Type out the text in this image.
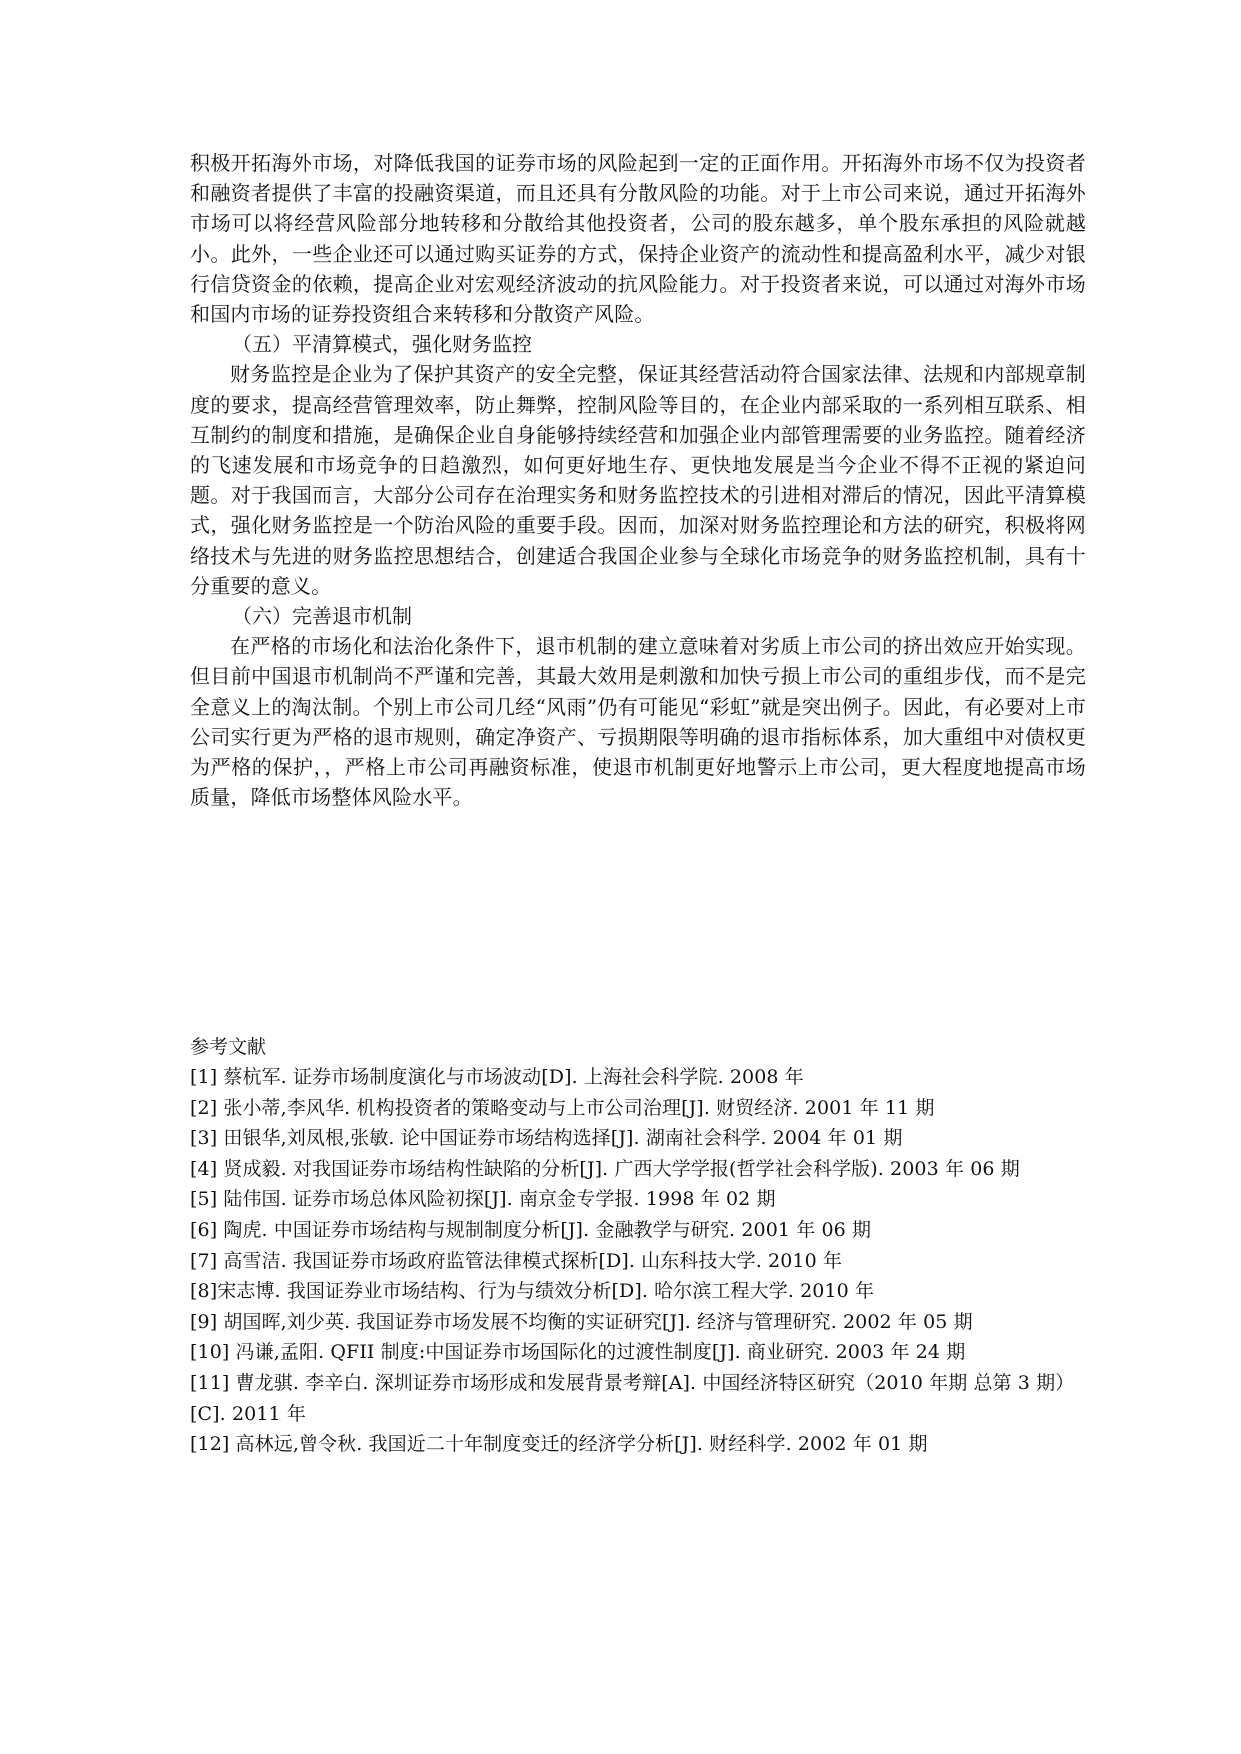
积极开拓海外市场，对降低我国的证券市场的风险起到一定的正面作用。开拓海外市场不仅为投资者和融资者提供了丰富的投融资渠道，而且还具有分散风险的功能。对于上市公司来说，通过开拓海外市场可以将经营风险部分地转移和分散给其他投资者，公司的股东越多，单个股东承担的风险就越小。此外，一些企业还可以通过购买证券的方式，保持企业资产的流动性和提高盈利水平，减少对银行信贷资金的依赖，提高企业对宏观经济波动的抗风险能力。对于投资者来说，可以通过对海外市场和国内市场的证券投资组合来转移和分散资产风险。

（五）平清算模式，强化财务监控

财务监控是企业为了保护其资产的安全完整，保证其经营活动符合国家法律、法规和内部规章制度的要求，提高经营管理效率，防止舞弊，控制风险等目的，在企业内部采取的一系列相互联系、相互制约的制度和措施，是确保企业自身能够持续经营和加强企业内部管理需要的业务监控。随着经济的飞速发展和市场竞争的日趋激烈，如何更好地生存、更快地发展是当今企业不得不正视的紧迫问题。对于我国而言，大部分公司存在治理实务和财务监控技术的引进相对滞后的情况，因此平清算模式，强化财务监控是一个防治风险的重要手段。因而，加深对财务监控理论和方法的研究，积极将网络技术与先进的财务监控思想结合，创建适合我国企业参与全球化市场竞争的财务监控机制，具有十分重要的意义。

（六）完善退市机制

在严格的市场化和法治化条件下，退市机制的建立意味着对劣质上市公司的挤出效应开始实现。但目前中国退市机制尚不严谨和完善，其最大效用是刺激和加快亏损上市公司的重组步伐，而不是完全意义上的淘汰制。个别上市公司几经“风雨”仍有可能见“彩虹”就是突出例子。因此，有必要对上市公司实行更为严格的退市规则，确定净资产、亏损期限等明确的退市指标体系，加大重组中对债权更为严格的保护，，严格上市公司再融资标准，使退市机制更好地警示上市公司，更大程度地提高市场质量，降低市场整体风险水平。

参考文献

[1] 蔡杭军. 证券市场制度演化与市场波动[D]. 上海社会科学院. 2008 年

[2] 张小蒂,李风华. 机构投资者的策略变动与上市公司治理[J]. 财贸经济. 2001 年 11 期

[3] 田银华,刘凤根,张敏. 论中国证券市场结构选择[J]. 湖南社会科学. 2004 年 01 期

[4] 贤成毅. 对我国证券市场结构性缺陷的分析[J]. 广西大学学报(哲学社会科学版). 2003 年 06 期

[5] 陆伟国. 证券市场总体风险初探[J]. 南京金专学报. 1998 年 02 期

[6] 陶虎. 中国证券市场结构与规制制度分析[J]. 金融教学与研究. 2001 年 06 期

[7] 高雪洁. 我国证券市场政府监管法律模式探析[D]. 山东科技大学. 2010 年

[8]宋志博. 我国证券业市场结构、行为与绩效分析[D]. 哈尔滨工程大学. 2010 年

[9] 胡国晖,刘少英. 我国证券市场发展不均衡的实证研究[J]. 经济与管理研究. 2002 年 05 期

[10] 冯谦,孟阳. QFII 制度:中国证券市场国际化的过渡性制度[J]. 商业研究. 2003 年 24 期

[11] 曹龙骐. 李辛白. 深圳证券市场形成和发展背景考辩[A]. 中国经济特区研究（2010 年期 总第 3 期）[C]. 2011 年

[12] 高林远,曾令秋. 我国近二十年制度变迁的经济学分析[J]. 财经科学. 2002 年 01 期
